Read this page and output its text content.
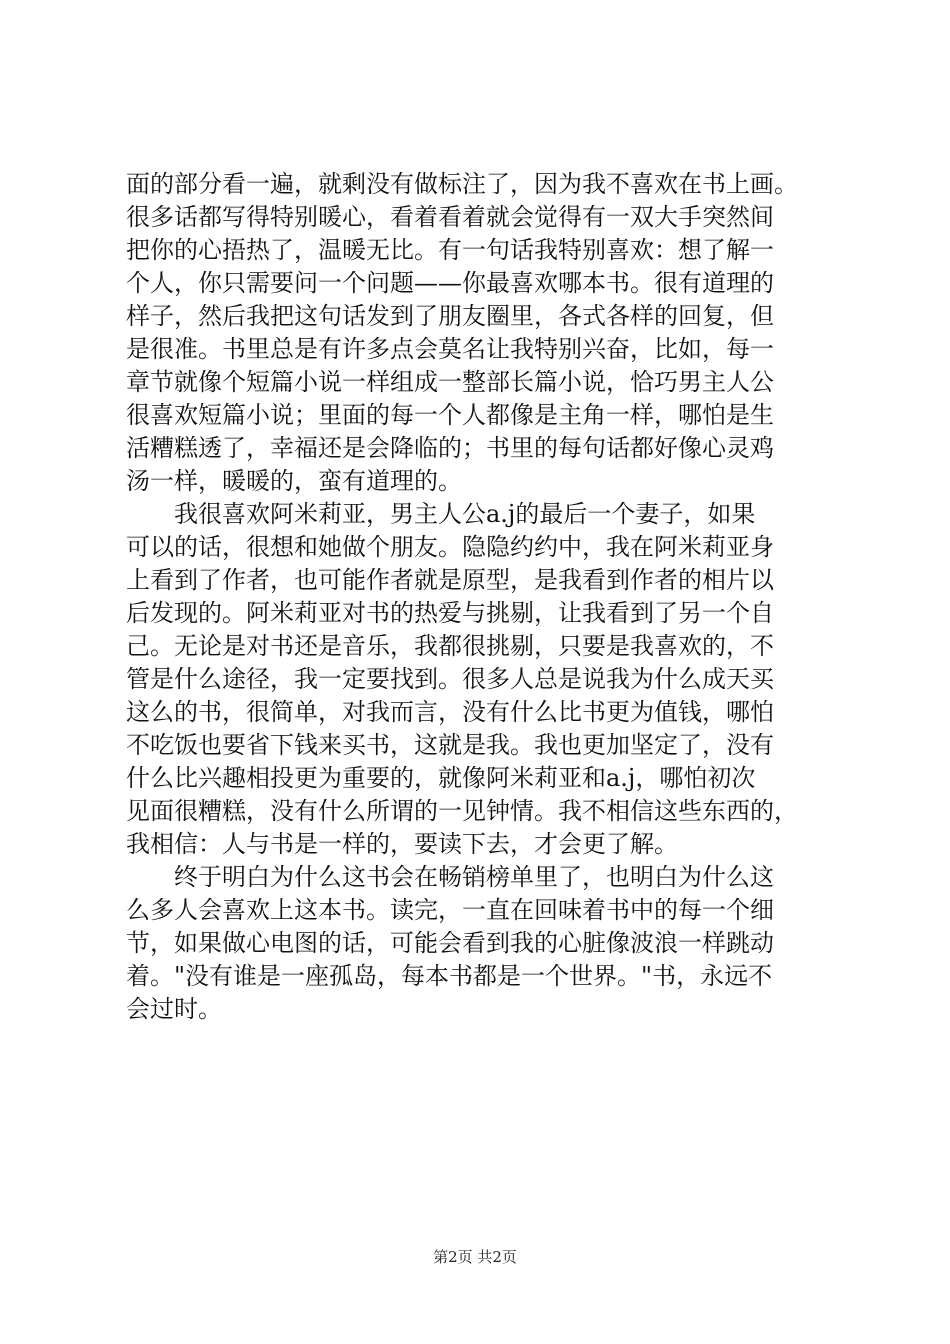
面的部分看一遍，就剩没有做标注了，因为我不喜欢在书上画。
很多话都写得特别暖心，看着看着就会觉得有一双大手突然间
把你的心捂热了，温暖无比。有一句话我特别喜欢：想了解一
个人，你只需要问一个问题——你最喜欢哪本书。很有道理的
样子，然后我把这句话发到了朋友圈里，各式各样的回复，但
是很准。书里总是有许多点会莫名让我特别兴奋，比如，每一
章节就像个短篇小说一样组成一整部长篇小说，恰巧男主人公
很喜欢短篇小说；里面的每一个人都像是主角一样，哪怕是生
活糟糕透了，幸福还是会降临的；书里的每句话都好像心灵鸡
汤一样，暖暖的，蛮有道理的。
　　我很喜欢阿米莉亚，男主人公a.j的最后一个妻子，如果
可以的话，很想和她做个朋友。隐隐约约中，我在阿米莉亚身
上看到了作者，也可能作者就是原型，是我看到作者的相片以
后发现的。阿米莉亚对书的热爱与挑剔，让我看到了另一个自
己。无论是对书还是音乐，我都很挑剔，只要是我喜欢的，不
管是什么途径，我一定要找到。很多人总是说我为什么成天买
这么的书，很简单，对我而言，没有什么比书更为值钱，哪怕
不吃饭也要省下钱来买书，这就是我。我也更加坚定了，没有
什么比兴趣相投更为重要的，就像阿米莉亚和a.j，哪怕初次
见面很糟糕，没有什么所谓的一见钟情。我不相信这些东西的，
我相信：人与书是一样的，要读下去，才会更了解。
　　终于明白为什么这书会在畅销榜单里了，也明白为什么这
么多人会喜欢上这本书。读完，一直在回味着书中的每一个细
节，如果做心电图的话，可能会看到我的心脏像波浪一样跳动
着。"没有谁是一座孤岛，每本书都是一个世界。"书，永远不
会过时。
第2页 共2页
